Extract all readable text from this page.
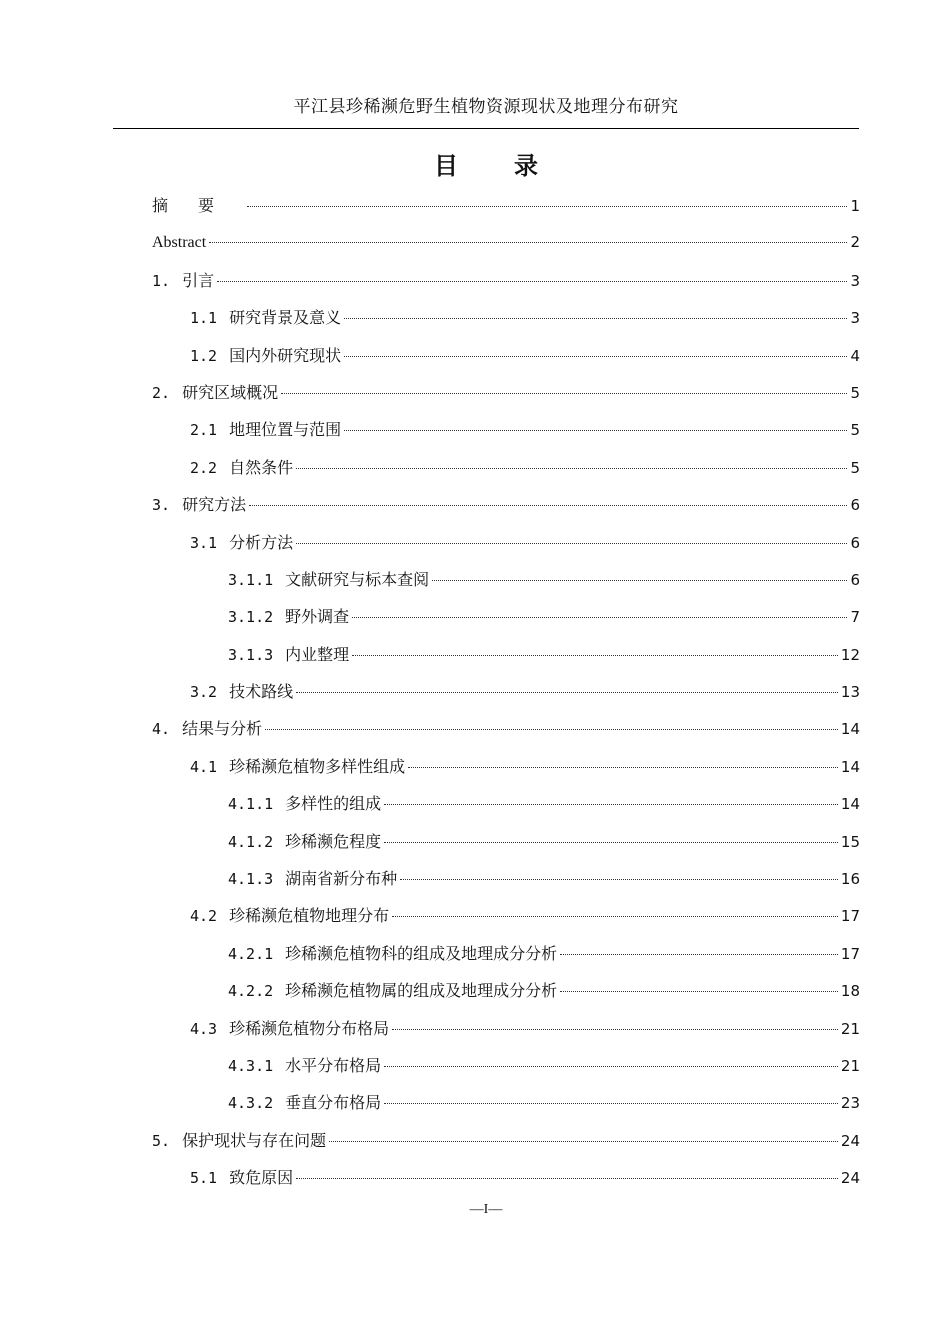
平江县珍稀濒危野生植物资源现状及地理分布研究
目 录
摘要	1
Abstract	2
1. 引言	3
1.1 研究背景及意义	3
1.2 国内外研究现状	4
2. 研究区域概况	5
2.1 地理位置与范围	5
2.2 自然条件	5
3. 研究方法	6
3.1 分析方法	6
3.1.1 文献研究与标本查阅	6
3.1.2 野外调查	7
3.1.3 内业整理	12
3.2 技术路线	13
4. 结果与分析	14
4.1 珍稀濒危植物多样性组成	14
4.1.1 多样性的组成	14
4.1.2 珍稀濒危程度	15
4.1.3 湖南省新分布种	16
4.2 珍稀濒危植物地理分布	17
4.2.1 珍稀濒危植物科的组成及地理成分分析	17
4.2.2 珍稀濒危植物属的组成及地理成分分析	18
4.3 珍稀濒危植物分布格局	21
4.3.1 水平分布格局	21
4.3.2 垂直分布格局	23
5. 保护现状与存在问题	24
5.1 致危原因	24
—I—
